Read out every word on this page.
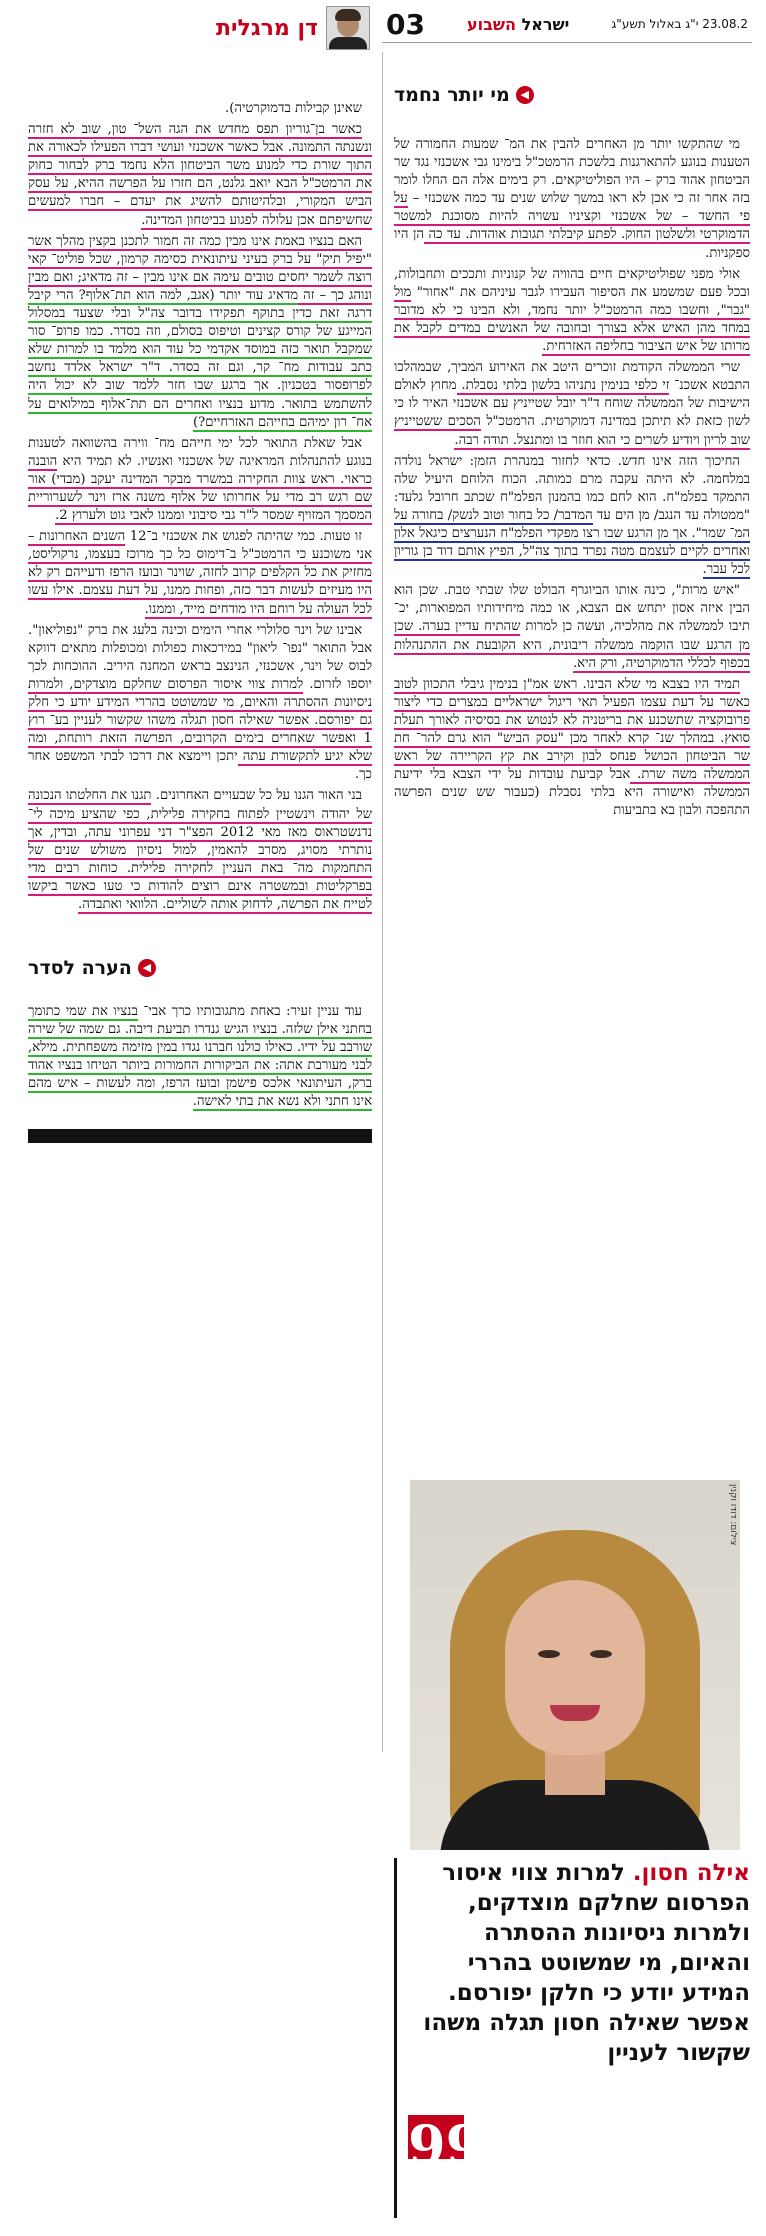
דן מרגלית 03	ישראל השבוע	23.08.2 י"ג באלול תשע"ג
◀
מי יותר נחמד

מי שהתקשו יותר מן האחרים להבין את המ־ שמעות החמורה של הטענות בנוגע להתארגנות בלשכת הרמטכ"ל בימינו גבי אשכנזי נגד שר הביטחון אהוד ברק – היו הפוליטיקאים. רק בימים אלה הם החלו לומר בזה אחר זה כי אכן לא ראו במשך שלוש שנים עד כמה אשכנזי – על פי החשד – של אשכנזי וקציניו עשויה להיות מסוכנת למשטר הדמוקרטי ולשלטון החוק. לפתע קיבלתי תגובות אוהדות. עד כה הן היו ספקניות.

אולי מפני שפוליטיקאים חיים בהוויה של קנוניות ותככים ותחבולות, ובכל פעם שמשמע את הסיפור העבירו לגבר עיניהם את "אחור" מול "גבר", וחשבו כמה הרמטכ"ל יותר נחמד, ולא הבינו כי לא מדובר במחד מהן האיש אלא בצורך ובחובה של האנשים במדים לקבל את מרותו של איש הציבור בחליפה האזרחית.

שרי הממשלה הקודמת זוכרים היטב את האירוע המביך, שבמהלכו התבטא אשכנ־ זי כלפי בנימין נתניהו בלשון בלתי נסבלת. מחוץ לאולם הישיבות של הממשלה שוחח ד"ר יובל שטייניץ עם אשכנזי האיר לו כי לשון כזאת לא תיתכן במדינה דמוקרטית. הרמטכ"ל הסכים ששטייניץ שוב לריון ויודיע לשרים כי הוא חוזר בו ומתנצל. תודה רבה.

החיכוך הזה אינו חדש. כדאי לחזור במנהרת הזמן: ישראל נולדה במלחמה. לא היתה עקבה מרם כמותה. הכוח הלוחם היעיל שלה התמקד בפלמ"ח. הוא לחם כמו בהמנון הפלמ"ח שכתב חרובל גלעד: "ממטולה עד הנגב/ מן הים עד המדבר/ כל בחור וטוב לנשק/ בחורה על המ־ שמר". אך מן הרגע שבו רצו מפקדי הפלמ"ח הנערצים כיגאל אלון ואחרים לקיים לעצמם מטה נפרד בתוך צה"ל, הפיץ אותם דוד בן גוריון לכל עבר.

"איש מרות", כינה אותו הביוגרף הבולט שלו שבתי טבת. שכן הוא הבין איזה אסון יתחש אם הצבא, או כמה מיחידותיו המפוארות, יכ־ תיבו לממשלה את מהלכיה, ועשה כן למרות שהתיח עדיין בערה. שכן מן הרגע שבו הוקמה ממשלה ריבונית, היא הקובעת את ההתנהלות בכפוף לכללי הדמוקרטיה, ורק היא.

תמיד היו בצבא מי שלא הבינו. ראש אמ"ן בנימין גיבלי התכוון לטוב כאשר על דעת עצמו הפעיל תאי ריגול ישראליים במצרים כדי ליצור פרובוקציה שתשכנע את בריטניה לא לנטוש את בסיסיה לאורך תעלת סואץ. במהלך שנ־ קרא לאחר מכן "עסק הביש" הוא גרם להר־ חת שר הביטחון הכושל פנחס לבון וקירב את קץ הקריירה של ראש הממשלה משה שרת. אבל קביעת עובדות על ידי הצבא בלי ידיעת הממשלה ואישורה היא בלתי נסבלת (כעבור שש שנים הפרשה התהפכה ולבון בא בתביעות

שאינן קבילות בדמוקרטיה).

כאשר בן־גוריון תפס מחדש את הגה השל־ טון, שוב לא חזרה ונשנתה התמונה. אבל כאשר אשכנזי ועושי דברו הפעילו לכאורה את התוך שורת כדי למנוע משר הביטחון הלא נחמד ברק לבחור כחוק את הרמטכ"ל הבא יואב גלנט, הם חזרו על הפרשה ההיא, על עסק הביש המקורי, ובלהיטותם להשיג את יעדם – חברו למעשים שחשיפתם אכן עלולה לפגוע בביטחון המדינה.

האם בנציו באמת אינו מבין כמה זה חמור לתכנן בקצין מהלך אשר "יפיל תיק" על ברק בעיני עיתונאית כסימה קרמון, שכל פוליט־ קאי רוצה לשמר יחסים טובים עימה אם אינו מבין – זה מדאיג; ואם מבין ונוהג כך – זה מדאיג עוד יותר (אגב, למה הוא תת־אלוף? הרי קיבל דרגה זאת כדין בתוקף תפקידו בדובר צה"ל ובלי שצעד במסלול המייגע של קורס קצינים וטיפוס בסולם, וזה בסדר. כמו פרופ־ סור שמקבל תואר כזה במוסד אקדמי כל עוד הוא מלמד בו למרות שלא כתב עבודות מח־ קר, וגם זה בסדר. ד"ר ישראל אלדד נחשב לפרופסור בטכניון. אך ברגע שבו חזר ללמד שוב לא יכול היה להשתמש בתואר. מדוע בנציו ואחרים הם תת־אלוף במילואים על אח־ רון ימיהם בחייהם האזרחיים?)

אבל שאלת התואר לכל ימי חייהם מח־ ווירה בהשוואה לטענות בנוגע להתנהלות המראיגה של אשכנזי ואנשיו. לא תמיד היא הובנה כראוי. ראש צוות החקירה במשרד מבקר המדינה יעקב (מבדי) אור שם רגש רב מדי על אחרותו של אלוף משנה ארז וינר לשערוריית המסמך המזויף שמסר ל"ר גבי סיבוני וממנו לאבי גוט ולערוץ 2.

זו טעות. כמי שהיתה לפגוש את אשכנזי ב־12 השנים האחרונות – אני משוכנע כי הרמטכ"ל ב־דימוס כל כך מרוכז בעצמו, נרקוליסט, מחזיק את כל הקלפים קרוב לחזה, שוינר ובועז הרפז ודעייהם רק לא היו מעיזים לעשות דבר כזה, ופחות ממנו, על דעת עצמם. אילו עשו לכל העולה על רוחם היו מודחים מייד, וממנו.

אבינו של וינר סלולרי אחרי הימים וכינה בלעג את ברק "נפוליאון". אבל התואר "נפו־ ליאון" במירכאות כפולות ומכופלות מתאים דווקא לבוס של וינר, אשכנזי, הנינצב בראש המחנה היריב. ההוכחות לכך יוספו לזרום. למרות צווי איסור הפרסום שחלקם מוצדקים, ולמרות ניסיונות ההסתרה והאיום, מי שמשוטט בהררי המידע יודע כי חלק גם יפורסם. אפשר שאילה חסון תגלה משהו שקשור לעניין בע־ רוץ 1 ואפשר שאחרים בימים הקרובים, הפרשה הזאת רותחת, ומה שלא יגיע לתקשורת עתה יתכן ויימצא את דרכו לבתי המשפט אחר כך.

בני האור הגנו על כל שבעויים האחרונים. תגנו את החלטתו הנכונה של יהודה וינשטיין לפתוח בחקירה פלילית, כפי שהציע מיכה לי־ נדנשטראוס מאז מאי 2012 הפצ"ר דני עפרוני עתה, ובדין, אך נותרתי מסויג, מסרב להאמין, למול ניסיון משולש שנים של התחמקות מה־ באת העניין לחקירה פלילית. כוחות רבים מדי בפרקליטות ובמשטרה אינם רוצים להודות כי טעו כאשר ביקשו לטייח את הפרשה, לדחוק אותה לשוליים. הלוואי ואתבדה.

◀
הערה לסדר

עוד עניין זעיר: באחת מתגובותיו כרך אבי־ בנציו את שמי כתומך בחתני אילן שלזה. בנציו הגיש גנדרו תביעת דיבה. גם שמה של שירה שורבב על ידיו. כאילו כולנו חברנו נגדו במין מזימה משפחתית. מילא, לבני מעורבת אתה: את הביקורות החמורות ביותר הטיחו בנציו אהוד ברק, העיתונאי אלכס פישמן ובועז הרפז, ומה לעשות – איש מהם אינו חתני ולא נשא את בתי לאישה.

צילום: דודו וקנין
אילה חסון. למרות צווי איסור הפרסום שחלקם מוצדקים, ולמרות ניסיונות ההסתרה והאיום, מי שמשוטט בהררי המידע יודע כי חלקן יפורסם. אפשר שאילה חסון תגלה משהו שקשור לעניין
99
